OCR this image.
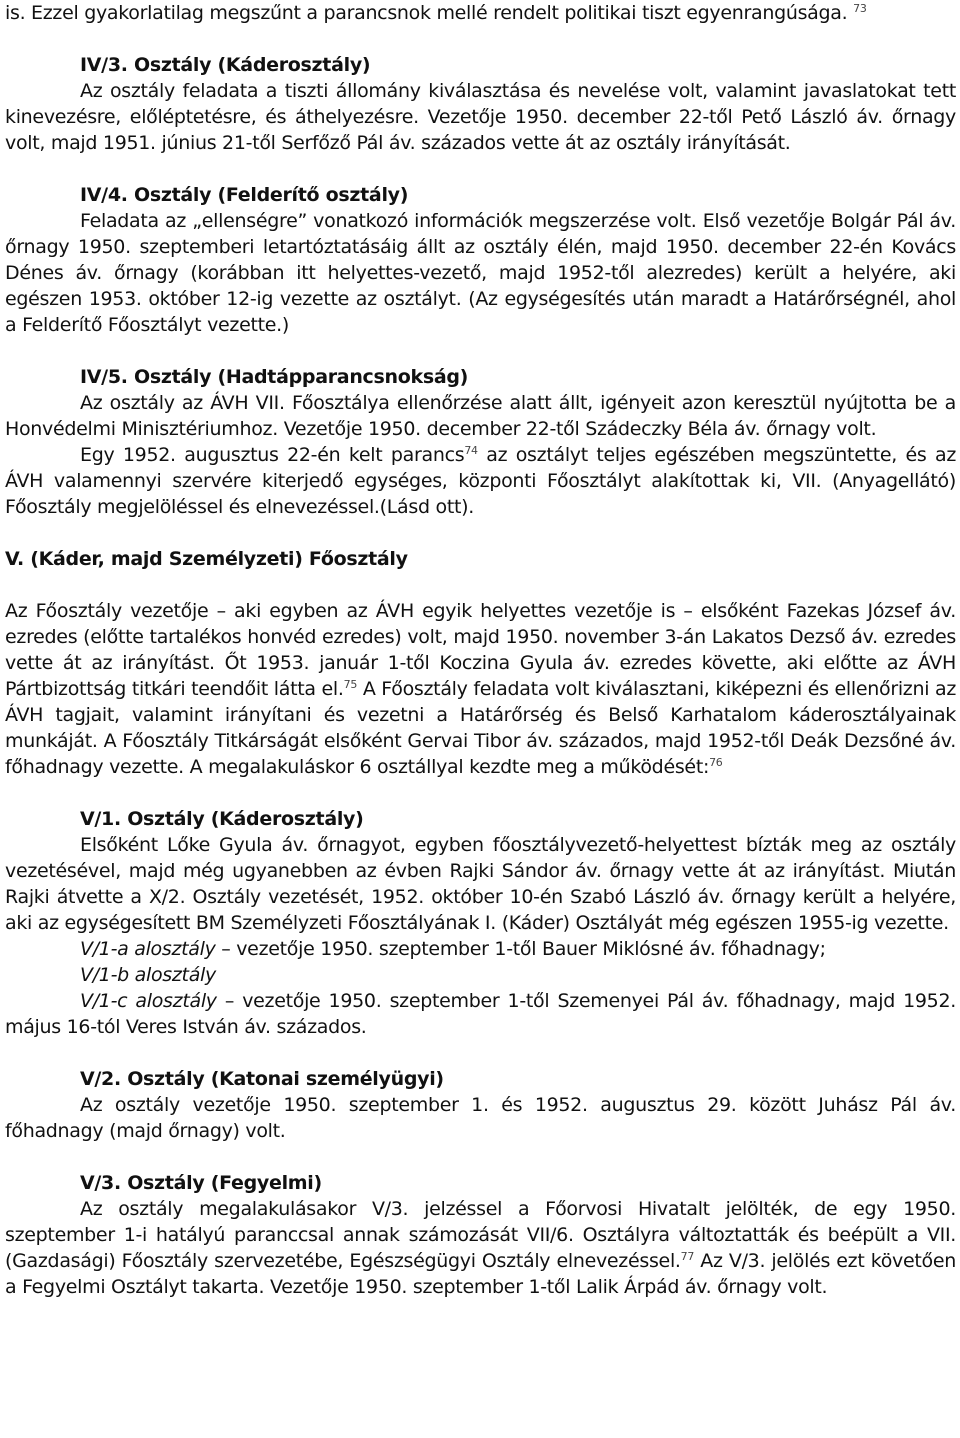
is. Ezzel gyakorlatilag megszűnt a parancsnok mellé rendelt politikai tiszt egyenrangúsága. $^{73}$

IV/3. Osztály (Káderosztály)

Az osztály feladata a tiszti állomány kiválasztása és nevelése volt, valamint javaslatokat tett kinevezésre, előléptetésre, és áthelyezésre. Vezetője 1950. december 22-től Pető László áv. őrnagy volt, majd 1951. június 21-től Serfőző Pál áv. százados vette át az osztály irányítását.

IV/4. Osztály (Felderítő osztály)

Feladata az „ellenségre” vonatkozó információk megszerzése volt. Első vezetője Bolgár Pál áv. őrnagy 1950. szeptemberi letartóztatásáig állt az osztály élén, majd 1950. december 22-én Kovács Dénes áv. őrnagy (korábban itt helyettes-vezető, majd 1952-től alezredes) került a helyére, aki egészen 1953. október 12-ig vezette az osztályt. (Az egységesítés után maradt a Határőrségnél, ahol a Felderítő Főosztályt vezette.)

IV/5. Osztály (Hadtápparancsnokság)

Az osztály az ÁVH VII. Főosztálya ellenőrzése alatt állt, igényeit azon keresztül nyújtotta be a Honvédelmi Minisztériumhoz. Vezetője 1950. december 22-től Szádeczky Béla áv. őrnagy volt.

Egy 1952. augusztus 22-én kelt parancs$^{74}$ az osztályt teljes egészében megszüntette, és az ÁVH valamennyi szervére kiterjedő egységes, központi Főosztályt alakítottak ki, VII. (Anyagellátó) Főosztály megjelöléssel és elnevezéssel.(Lásd ott).

V. (Káder, majd Személyzeti) Főosztály

Az Főosztály vezetője – aki egyben az ÁVH egyik helyettes vezetője is – elsőként Fazekas József áv. ezredes (előtte tartalékos honvéd ezredes) volt, majd 1950. november 3-án Lakatos Dezső áv. ezredes vette át az irányítást. Őt 1953. január 1-től Koczina Gyula áv. ezredes követte, aki előtte az ÁVH Pártbizottság titkári teendőit látta el.$^{75}$ A Főosztály feladata volt kiválasztani, kiképezni és ellenőrizni az ÁVH tagjait, valamint irányítani és vezetni a Határőrség és Belső Karhatalom káderosztályainak munkáját. A Főosztály Titkárságát elsőként Gervai Tibor áv. százados, majd 1952-től Deák Dezsőné áv. főhadnagy vezette. A megalakuláskor 6 osztállyal kezdte meg a működését:$^{76}$

V/1. Osztály (Káderosztály)

Elsőként Lőke Gyula áv. őrnagyot, egyben főosztályvezető-helyettest bízták meg az osztály vezetésével, majd még ugyanebben az évben Rajki Sándor áv. őrnagy vette át az irányítást. Miután Rajki átvette a X/2. Osztály vezetését, 1952. október 10-én Szabó László áv. őrnagy került a helyére, aki az egységesített BM Személyzeti Főosztályának I. (Káder) Osztályát még egészen 1955-ig vezette.

V/1-a alosztály – vezetője 1950. szeptember 1-től Bauer Miklósné áv. főhadnagy;

V/1-b alosztály

V/1-c alosztály – vezetője 1950. szeptember 1-től Szemenyei Pál áv. főhadnagy, majd 1952. május 16-tól Veres István áv. százados.

V/2. Osztály (Katonai személyügyi)

Az osztály vezetője 1950. szeptember 1. és 1952. augusztus 29. között Juhász Pál áv. főhadnagy (majd őrnagy) volt.

V/3. Osztály (Fegyelmi)

Az osztály megalakulásakor V/3. jelzéssel a Főorvosi Hivatalt jelölték, de egy 1950. szeptember 1-i hatályú paranccsal annak számozását VII/6. Osztályra változtatták és beépült a VII. (Gazdasági) Főosztály szervezetébe, Egészségügyi Osztály elnevezéssel.$^{77}$ Az V/3. jelölés ezt követően a Fegyelmi Osztályt takarta. Vezetője 1950. szeptember 1-től Lalik Árpád áv. őrnagy volt.
